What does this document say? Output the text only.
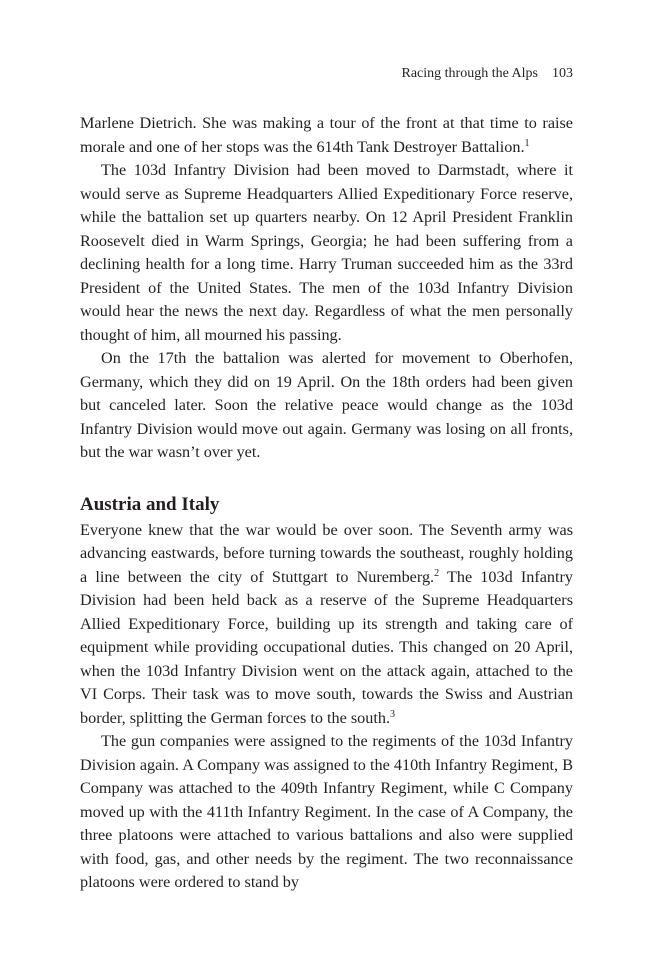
Racing through the Alps 103

Marlene Dietrich. She was making a tour of the front at that time to raise morale and one of her stops was the 614th Tank Destroyer Battalion.$^1$

The 103d Infantry Division had been moved to Darmstadt, where it would serve as Supreme Headquarters Allied Expeditionary Force reserve, while the battalion set up quarters nearby. On 12 April President Franklin Roosevelt died in Warm Springs, Georgia; he had been suffering from a declining health for a long time. Harry Truman succeeded him as the 33rd President of the United States. The men of the 103d Infantry Division would hear the news the next day. Regardless of what the men personally thought of him, all mourned his passing.

On the 17th the battalion was alerted for movement to Oberhofen, Germany, which they did on 19 April. On the 18th orders had been given but canceled later. Soon the relative peace would change as the 103d Infantry Division would move out again. Germany was losing on all fronts, but the war wasn’t over yet.

Austria and Italy

Everyone knew that the war would be over soon. The Seventh army was advancing eastwards, before turning towards the southeast, roughly holding a line between the city of Stuttgart to Nuremberg.$^2$ The 103d Infantry Division had been held back as a reserve of the Supreme Headquarters Allied Expeditionary Force, building up its strength and taking care of equipment while providing occupational duties. This changed on 20 April, when the 103d Infantry Division went on the attack again, attached to the VI Corps. Their task was to move south, towards the Swiss and Austrian border, splitting the German forces to the south.$^3$

The gun companies were assigned to the regiments of the 103d Infantry Division again. A Company was assigned to the 410th Infantry Regiment, B Company was attached to the 409th Infantry Regiment, while C Company moved up with the 411th Infantry Regiment. In the case of A Company, the three platoons were attached to various battalions and also were supplied with food, gas, and other needs by the regiment. The two reconnaissance platoons were ordered to stand by
